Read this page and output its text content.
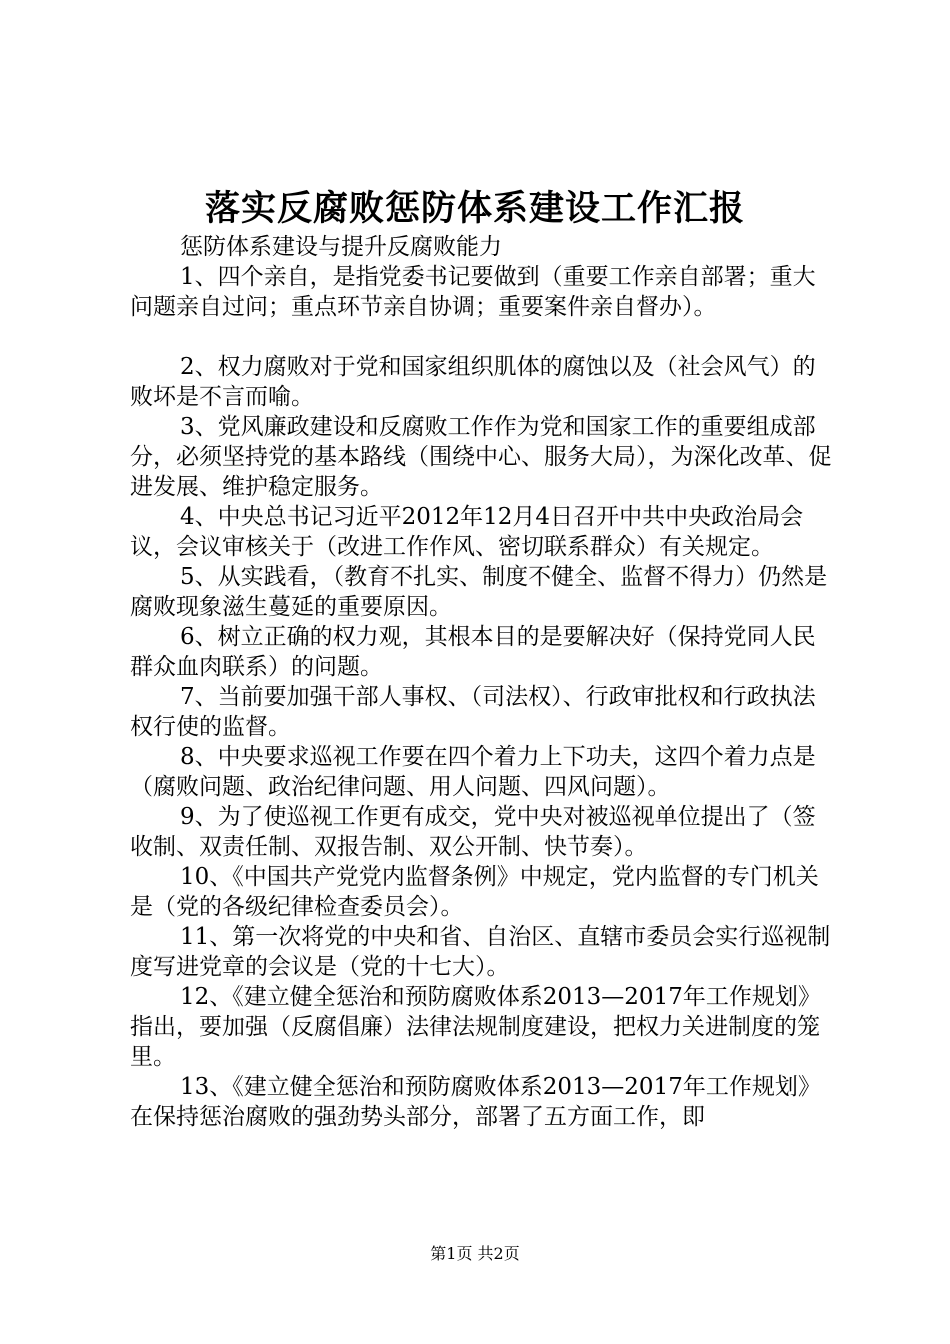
落实反腐败惩防体系建设工作汇报

惩防体系建设与提升反腐败能力

1、四个亲自，是指党委书记要做到（重要工作亲自部署；重大问题亲自过问；重点环节亲自协调；重要案件亲自督办）。

2、权力腐败对于党和国家组织肌体的腐蚀以及（社会风气）的败坏是不言而喻。

3、党风廉政建设和反腐败工作作为党和国家工作的重要组成部分，必须坚持党的基本路线（围绕中心、服务大局），为深化改革、促进发展、维护稳定服务。

4、中央总书记习近平2012年12月4日召开中共中央政治局会议，会议审核关于（改进工作作风、密切联系群众）有关规定。

5、从实践看，（教育不扎实、制度不健全、监督不得力）仍然是腐败现象滋生蔓延的重要原因。

6、树立正确的权力观，其根本目的是要解决好（保持党同人民群众血肉联系）的问题。

7、当前要加强干部人事权、（司法权）、行政审批权和行政执法权行使的监督。

8、中央要求巡视工作要在四个着力上下功夫，这四个着力点是（腐败问题、政治纪律问题、用人问题、四风问题）。

9、为了使巡视工作更有成交，党中央对被巡视单位提出了（签收制、双责任制、双报告制、双公开制、快节奏）。

10、《中国共产党党内监督条例》中规定，党内监督的专门机关是（党的各级纪律检查委员会）。

11、第一次将党的中央和省、自治区、直辖市委员会实行巡视制度写进党章的会议是（党的十七大）。

12、《建立健全惩治和预防腐败体系2013—2017年工作规划》指出，要加强（反腐倡廉）法律法规制度建设，把权力关进制度的笼里。

13、《建立健全惩治和预防腐败体系2013—2017年工作规划》在保持惩治腐败的强劲势头部分，部署了五方面工作，即

第1页 共2页
